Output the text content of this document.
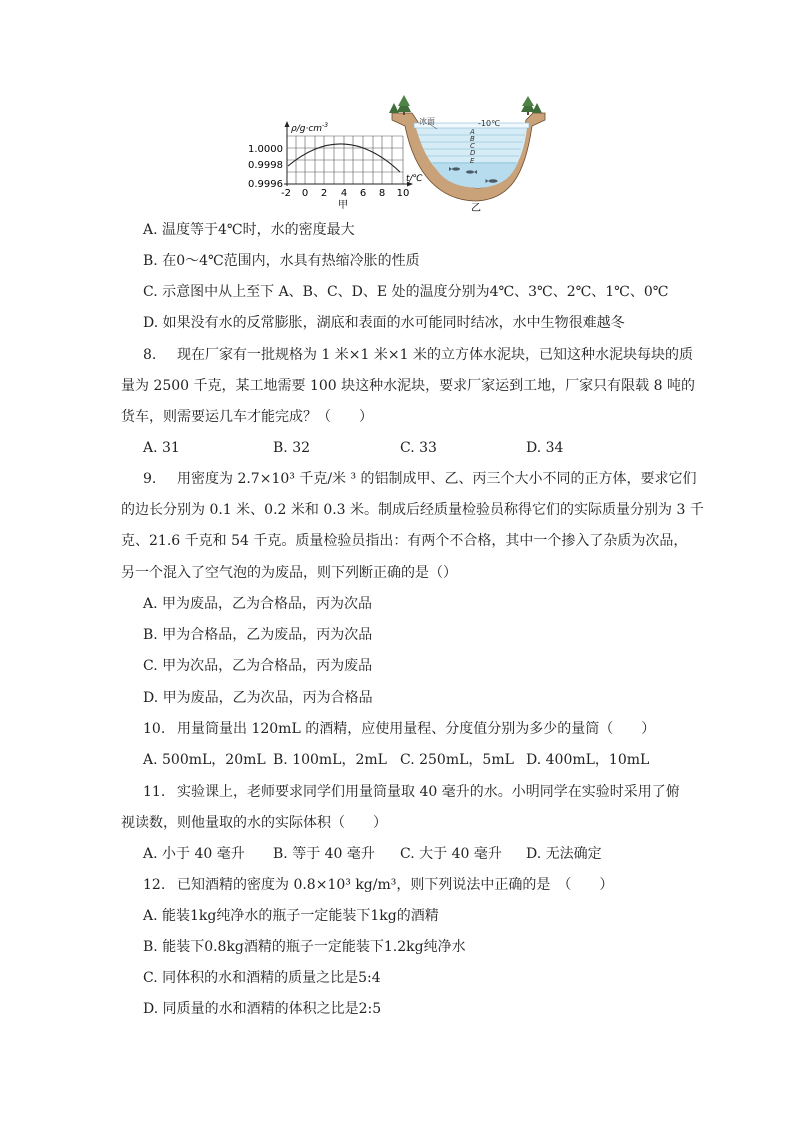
$\rho/g\cdot cm^{-3}$
t/℃
1.0000
0.9998
0.9996
-2 0 2 4 6 8 10
甲
A
B
C
D
E
冰面	-10℃
乙
A. 温度等于4℃时，水的密度最大
B. 在0～4℃范围内，水具有热缩冷胀的性质
C. 示意图中从上至下 A、B、C、D、E 处的温度分别为4℃、3℃、2℃、1℃、0℃
D. 如果没有水的反常膨胀，湖底和表面的水可能同时结冰，水中生物很难越冬
8. 现在厂家有一批规格为 1 米×1 米×1 米的立方体水泥块，已知这种水泥块每块的质
量为 2500 千克，某工地需要 100 块这种水泥块，要求厂家运到工地，厂家只有限载 8 吨的
货车，则需要运几车才能完成？（　　）
A. 31	B. 32	C. 33	D. 34
9. 用密度为 2.7×10³ 千克/米 ³ 的铝制成甲、乙、丙三个大小不同的正方体，要求它们
的边长分别为 0.1 米、0.2 米和 0.3 米。制成后经质量检验员称得它们的实际质量分别为 3 千
克、21.6 千克和 54 千克。质量检验员指出：有两个不合格，其中一个掺入了杂质为次品，
另一个混入了空气泡的为废品，则下列断正确的是（）
A. 甲为废品，乙为合格品，丙为次品
B. 甲为合格品，乙为废品，丙为次品
C. 甲为次品，乙为合格品，丙为废品
D. 甲为废品，乙为次品，丙为合格品
10. 用量筒量出 120mL 的酒精，应使用量程、分度值分别为多少的量筒（　　）
A. 500mL，20mL B. 100mL，2mL C. 250mL，5mL D. 400mL，10mL
11. 实验课上，老师要求同学们用量筒量取 40 毫升的水。小明同学在实验时采用了俯
视读数，则他量取的水的实际体积（　　）
A. 小于 40 毫升 B. 等于 40 毫升 C. 大于 40 毫升 D. 无法确定
12. 已知酒精的密度为 0.8×10³ kg/m³，则下列说法中正确的是　（　　）
A. 能装1kg纯净水的瓶子一定能装下1kg的酒精
B. 能装下0.8kg酒精的瓶子一定能装下1.2kg纯净水
C. 同体积的水和酒精的质量之比是5:4
D. 同质量的水和酒精的体积之比是2:5
